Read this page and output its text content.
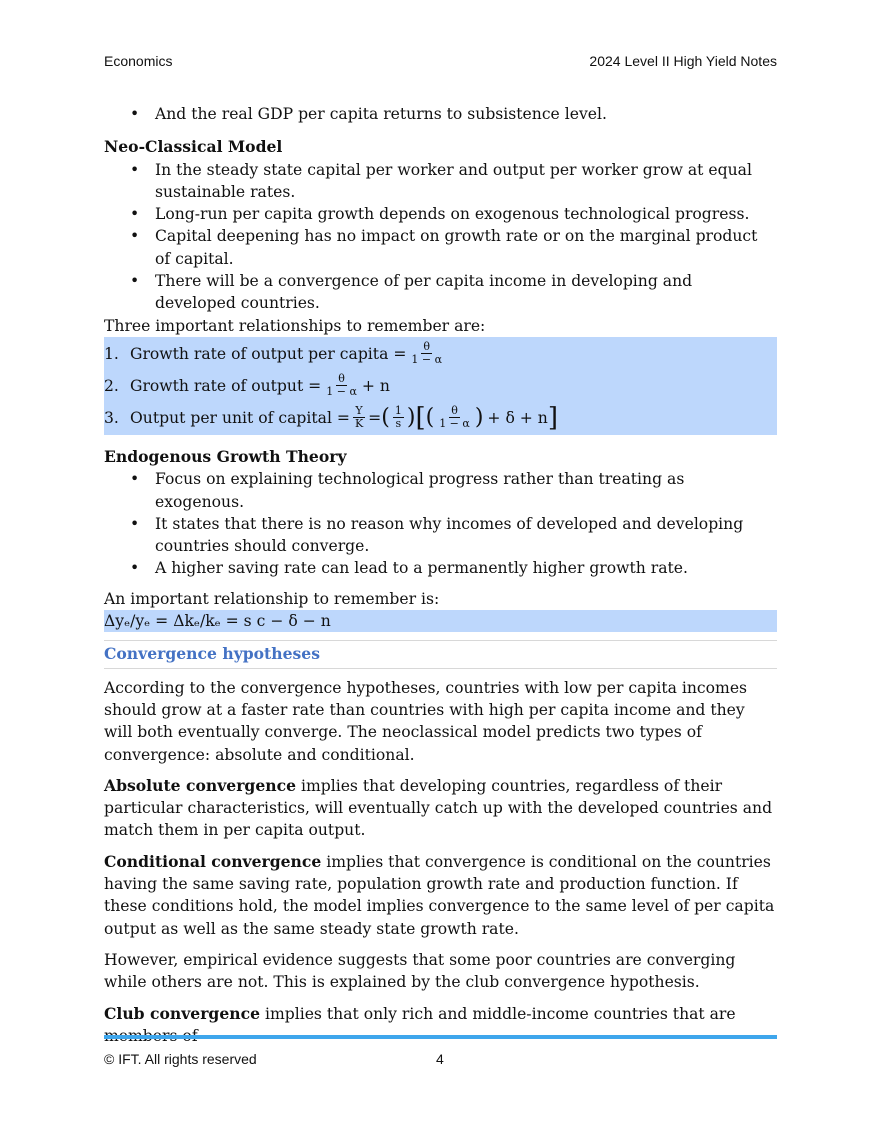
Economics	2024 Level II High Yield Notes
• And the real GDP per capita returns to subsistence level.
Neo-Classical Model
• In the steady state capital per worker and output per worker grow at equal sustainable rates.
• Long-run per capita growth depends on exogenous technological progress.
• Capital deepening has no impact on growth rate or on the marginal product of capital.
• There will be a convergence of per capita income in developing and developed countries.
Three important relationships to remember are:
1. Growth rate of output per capita = $\frac{\theta}{1 - \alpha}$
2. Growth rate of output = $\frac{\theta}{1 - \alpha} + n$
3. Output per unit of capital = $\frac{Y}{K}$ = ( $\frac{1}{s}$ ) [ ( $\frac{\theta}{1 - \alpha}$ ) + δ + n ]
Endogenous Growth Theory
• Focus on explaining technological progress rather than treating as exogenous.
• It states that there is no reason why incomes of developed and developing countries should converge.
• A higher saving rate can lead to a permanently higher growth rate.
An important relationship to remember is:
Δyₑ/yₑ = Δkₑ/kₑ = s c − δ − n
Convergence hypotheses

According to the convergence hypotheses, countries with low per capita incomes should grow at a faster rate than countries with high per capita income and they will both eventually converge. The neoclassical model predicts two types of convergence: absolute and conditional.

Absolute convergence implies that developing countries, regardless of their particular characteristics, will eventually catch up with the developed countries and match them in per capita output.

Conditional convergence implies that convergence is conditional on the countries having the same saving rate, population growth rate and production function. If these conditions hold, the model implies convergence to the same level of per capita output as well as the same steady state growth rate.

However, empirical evidence suggests that some poor countries are converging while others are not. This is explained by the club convergence hypothesis.

Club convergence implies that only rich and middle-income countries that are

© IFT. All rights reserved	4
